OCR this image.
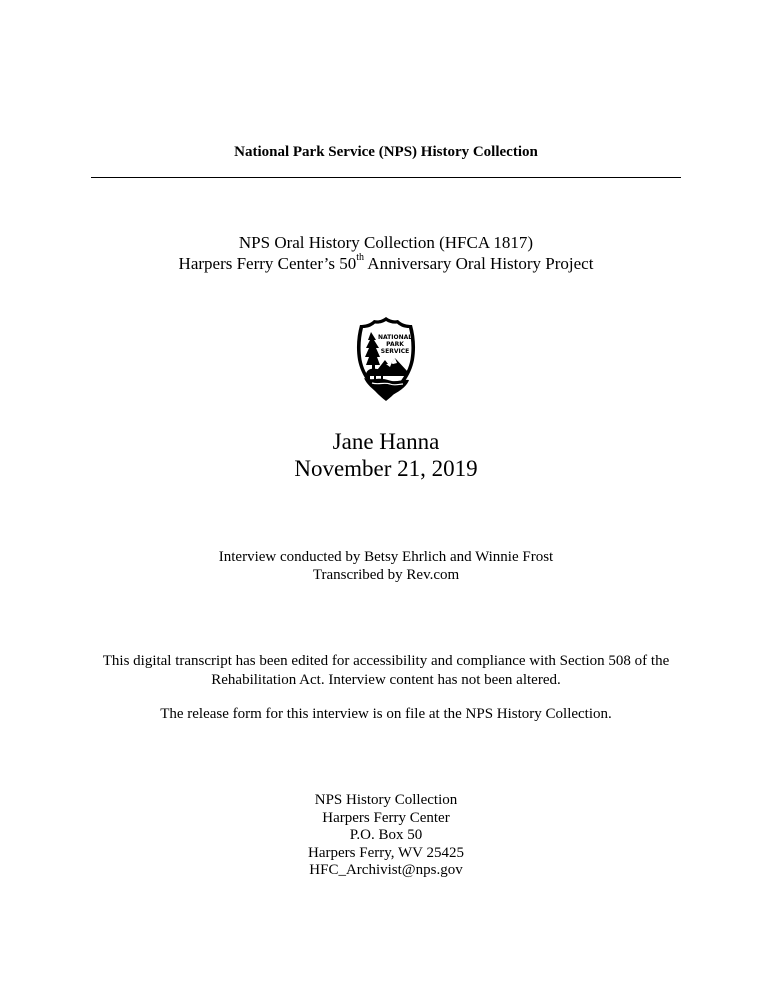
National Park Service (NPS) History Collection
NPS Oral History Collection (HFCA 1817)
Harpers Ferry Center’s 50th Anniversary Oral History Project
NATIONAL
PARK
SERVICE
Jane Hanna
November 21, 2019
Interview conducted by Betsy Ehrlich and Winnie Frost
Transcribed by Rev.com
This digital transcript has been edited for accessibility and compliance with Section 508 of the
Rehabilitation Act. Interview content has not been altered.
The release form for this interview is on file at the NPS History Collection.
NPS History Collection
Harpers Ferry Center
P.O. Box 50
Harpers Ferry, WV 25425
HFC_Archivist@nps.gov
